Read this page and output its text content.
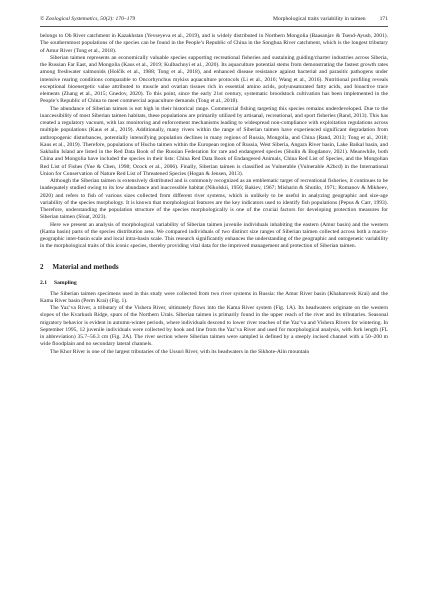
© Zoological Systematics, 50(2): 170–179	Morphological traits variability in taimen	171

belongs to Ob River catchment in Kazakhstan (Yevseyeva et al., 2019), and is widely distributed in Northern Mongolia (Baasanjav & Tsend-Ayush, 2001). The southernmost populations of the species can be found in the People’s Republic of China in the Songhua River catchment, which is the longest tributary of Amur River (Tong et al., 2018).

Siberian taimen represents an economically valuable species supporting recreational fisheries and sustaining guiding/charter industries across Siberia, the Russian Far East, and Mongolia (Kaus et al., 2019; Kulbachnyi et al., 2020). Its aquaculture potential stems from demonstrating the fastest growth rates among freshwater salmonids (Holčík et al., 1988; Tong et al., 2018), and enhanced disease resistance against bacterial and parasitic pathogens under intensive rearing conditions comparable to Oncorhynchus mykiss aquaculture protocols (Li et al., 2016; Wang et al., 2016). Nutritional profiling reveals exceptional bioenergetic value attributed to muscle and ovarian tissues rich in essential amino acids, polyunsaturated fatty acids, and bioactive trace elements (Zhang et al., 2015; Gnedov, 2020). To this point, since the early 21st century, systematic broodstock cultivation has been implemented in the People’s Republic of China to meet commercial aquaculture demands (Tong et al., 2018).

The abundance of Siberian taimen is not high in their historical range. Commercial fishing targeting this species remains underdeveloped. Due to the inaccessibility of most Siberian taimen habitats, these populations are primarily utilized by artisanal, recreational, and sport fisheries (Rand, 2013). This has created a regulatory vacuum, with lax monitoring and enforcement mechanisms leading to widespread non-compliance with exploitation regulations across multiple populations (Kaus et al., 2019). Additionally, many rivers within the range of Siberian taimen have experienced significant degradation from anthropogenic disturbances, potentially intensifying population declines in many regions of Russia, Mongolia, and China (Rand, 2013; Tong et al., 2018; Kaus et al., 2019). Therefore, populations of Hucho taimen within the European region of Russia, West Siberia, Angara River basin, Lake Baikal basin, and Sakhalin Island are listed in the Red Data Book of the Russian Federation for rare and endangered species (Shulin & Bogdanov, 2021). Meanwhile, both China and Mongolia have included the species in their lists: China Red Data Book of Endangered Animals, China Red List of Species, and the Mongolian Red List of Fishes (Yue & Chen, 1998; Ocock et al., 2006). Finally, Siberian taimen is classified as Vulnerable (Vulnerable A2bcd) in the International Union for Conservation of Nature Red List of Threatened Species (Hogan & Jensen, 2013).

Although the Siberian taimen is extensively distributed and is commonly recognized as an emblematic target of recreational fisheries, it continues to be inadequately studied owing to its low abundance and inaccessible habitat (Nikolskii, 1956; Bakiev, 1967; Misharin & Shutilo, 1971; Romanov & Mikheev, 2020) and refers to fish of various sizes collected from different river systems, which is unlikely to be useful in analyzing geographic and size-age variability of the species morphology. It is known that morphological features are the key indicators used to identify fish populations (Pepus & Carr, 1993). Therefore, understanding the population structure of the species morphologically is one of the crucial factors for developing protection measures for Siberian taimen (Sloat, 2023).

Here we present an analysis of morphological variability of Siberian taimen juvenile individuals inhabiting the eastern (Amur basin) and the western (Kama basin) parts of the species distribution area. We compared individuals of two distinct size ranges of Siberian taimen collected across both a macro-geographic inter-basin scale and local intra-basin scale. This research significantly enhances the understanding of the geographic and ontogenetic variability in the morphological traits of this iconic species, thereby providing vital data for the improved management and protection of Siberian taimen.

2 Material and methods
2.1 Sampling

The Siberian taimen specimens used in this study were collected from two river systems in Russia: the Amur River basin (Khabarovsk Krai) and the Kama River basin (Perm Krai) (Fig. 1).

The Yaz’va River, a tributary of the Vishera River, ultimately flows into the Kama River system (Fig. 1A). Its headwaters originate on the western slopes of the Kvarkush Ridge, spurs of the Northern Urals. Siberian taimen is primarily found in the upper reach of the river and its tributaries. Seasonal migratory behavior is evident in autumn-winter periods, where individuals descend to lower river reaches of the Yaz’va and Vishera Rivers for wintering. In September 1995, 12 juvenile individuals were collected by hook and line from the Yaz’va River and used for morphological analysis, with fork length (FL in abbreviation) 35.7–56.3 cm (Fig. 2A). The river section where Siberian taimen were sampled is defined by a steeply incised channel with a 50–200 m wide floodplain and no secondary lateral channels.

The Khor River is one of the largest tributaries of the Ussuri River, with its headwaters in the Sikhote-Alin mountain
